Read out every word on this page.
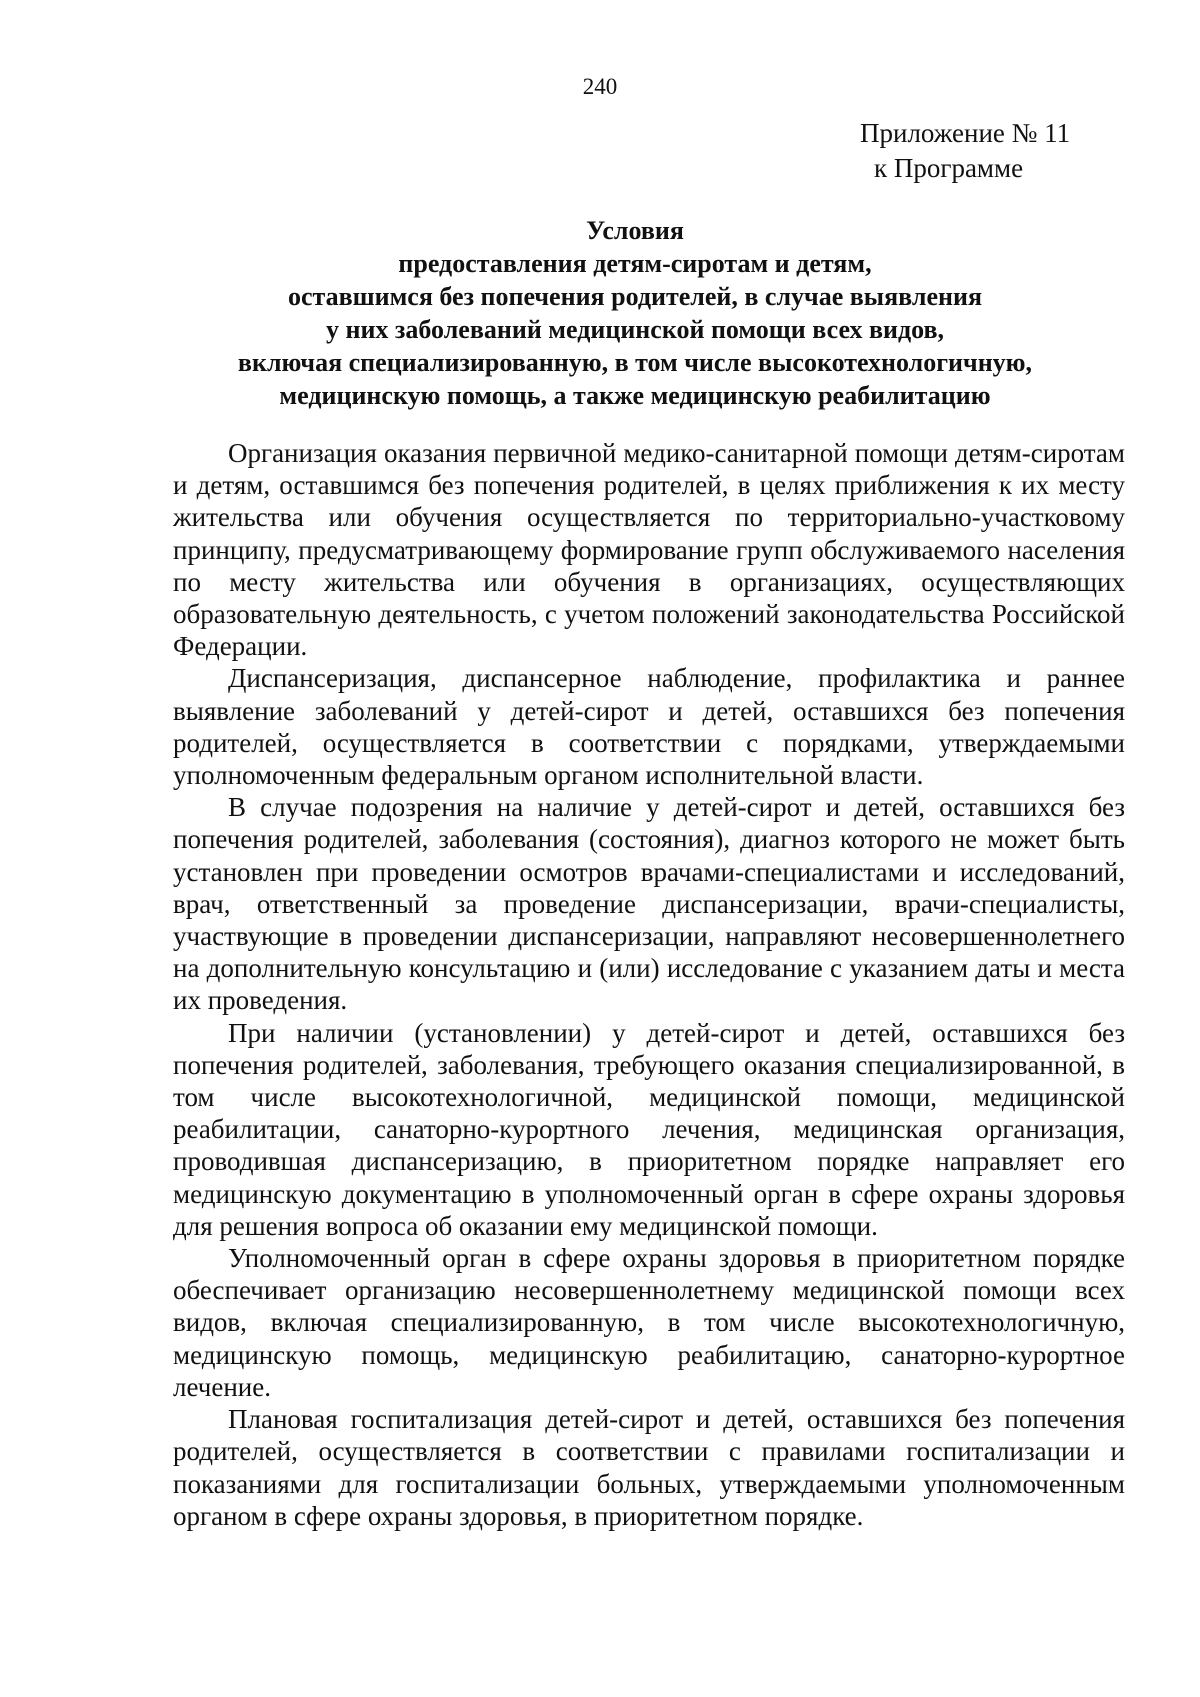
240
Приложение № 11
к Программе
Условия
предоставления детям-сиротам и детям,
оставшимся без попечения родителей, в случае выявления
у них заболеваний медицинской помощи всех видов,
включая специализированную, в том числе высокотехнологичную,
медицинскую помощь, а также медицинскую реабилитацию

Организация оказания первичной медико-санитарной помощи детям-сиротам и детям, оставшимся без попечения родителей, в целях приближения к их месту жительства или обучения осуществляется по территориально-участковому принципу, предусматривающему формирование групп обслуживаемого населения по месту жительства или обучения в организациях, осуществляющих образовательную деятельность, с учетом положений законодательства Российской Федерации.

Диспансеризация, диспансерное наблюдение, профилактика и раннее выявление заболеваний у детей-сирот и детей, оставшихся без попечения родителей, осуществляется в соответствии с порядками, утверждаемыми уполномоченным федеральным органом исполнительной власти.

В случае подозрения на наличие у детей-сирот и детей, оставшихся без попечения родителей, заболевания (состояния), диагноз которого не может быть установлен при проведении осмотров врачами-специалистами и исследований, врач, ответственный за проведение диспансеризации, врачи-специалисты, участвующие в проведении диспансеризации, направляют несовершеннолетнего на дополнительную консультацию и (или) исследование с указанием даты и места их проведения.

При наличии (установлении) у детей-сирот и детей, оставшихся без попечения родителей, заболевания, требующего оказания специализированной, в том числе высокотехнологичной, медицинской помощи, медицинской реабилитации, санаторно-курортного лечения, медицинская организация, проводившая диспансеризацию, в приоритетном порядке направляет его медицинскую документацию в уполномоченный орган в сфере охраны здоровья для решения вопроса об оказании ему медицинской помощи.

Уполномоченный орган в сфере охраны здоровья в приоритетном порядке обеспечивает организацию несовершеннолетнему медицинской помощи всех видов, включая специализированную, в том числе высокотехнологичную, медицинскую помощь, медицинскую реабилитацию, санаторно-курортное лечение.

Плановая госпитализация детей-сирот и детей, оставшихся без попечения родителей, осуществляется в соответствии с правилами госпитализации и показаниями для госпитализации больных, утверждаемыми уполномоченным органом в сфере охраны здоровья, в приоритетном порядке.
